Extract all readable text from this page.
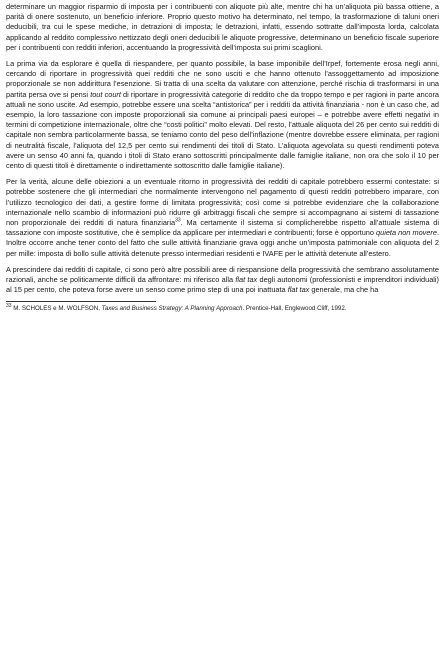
determinare un maggior risparmio di imposta per i contribuenti con aliquote più alte, mentre chi ha un’aliquota più bassa ottiene, a parità di onere sostenuto, un beneficio inferiore. Proprio questo motivo ha determinato, nel tempo, la trasformazione di taluni oneri deducibili, tra cui le spese mediche, in detrazioni di imposta; le detrazioni, infatti, essendo sottratte dall’imposta lorda, calcolata applicando al reddito complessivo nettizzato degli oneri deducibili le aliquote progressive, determinano un beneficio fiscale superiore per i contribuenti con redditi inferiori, accentuando la progressività dell’imposta sui primi scaglioni.

La prima via da esplorare è quella di riespandere, per quanto possibile, la base imponibile dell’Irpef, fortemente erosa negli anni, cercando di riportare in progressività quei redditi che ne sono usciti e che hanno ottenuto l’assoggettamento ad imposizione proporzionale se non addirittura l’esenzione. Si tratta di una scelta da valutare con attenzione, perché rischia di trasformarsi in una partita persa ove si pensi tout court di riportare in progressività categorie di reddito che da troppo tempo e per ragioni in parte ancora attuali ne sono uscite. Ad esempio, potrebbe essere una scelta “antistorica” per i redditi da attività finanziaria - non è un caso che, ad esempio, la loro tassazione con imposte proporzionali sia comune ai principali paesi europei – e potrebbe avere effetti negativi in termini di competizione internazionale, oltre che “costi politici” molto elevati. Del resto, l’attuale aliquota del 26 per cento sui redditi di capitale non sembra particolarmente bassa, se teniamo conto del peso dell’inflazione (mentre dovrebbe essere eliminata, per ragioni di neutralità fiscale, l’aliquota del 12,5 per cento sui rendimenti dei titoli di Stato. L’aliquota agevolata su questi rendimenti poteva avere un senso 40 anni fa, quando i titoli di Stato erano sottoscritti principalmente dalle famiglie italiane, non ora che solo il 10 per cento di questi titoli è direttamente o indirettamente sottoscritto dalle famiglie italiane).

Per la verità, alcune delle obiezioni a un eventuale ritorno in progressività dei redditi di capitale potrebbero essermi contestate: si potrebbe sostenere che gli intermediari che normalmente intervengono nel pagamento di questi redditi potrebbero imparare, con l’utilizzo tecnologico dei dati, a gestire forme di limitata progressività; così come si potrebbe evidenziare che la collaborazione internazionale nello scambio di informazioni può ridurre gli arbitraggi fiscali che sempre si accompagnano ai sistemi di tassazione non proporzionale dei redditi di natura finanziaria$^{33}$. Ma certamente il sistema si complicherebbe rispetto all’attuale sistema di tassazione con imposte sostitutive, che è semplice da applicare per intermediari e contribuenti; forse è opportuno quieta non movere. Inoltre occorre anche tener conto del fatto che sulle attività finanziarie grava oggi anche un’imposta patrimoniale con aliquota del 2 per mille: imposta di bollo sulle attività detenute presso intermediari residenti e IVAFE per le attività detenute all’estero.

A prescindere dai redditi di capitale, ci sono però altre possibili aree di riespansione della progressività che sembrano assolutamente razionali, anche se politicamente difficili da affrontare: mi riferisco alla flat tax degli autonomi (professionisti e imprenditori individuali) al 15 per cento, che poteva forse avere un senso come primo step di una poi inattuata flat tax generale, ma che ha

$^{33}$ M. SCHOLES e M. WOLFSON, Taxes and Business Strategy: A Planning Approach. Prentice-Hall, Englewood Cliff, 1992.
